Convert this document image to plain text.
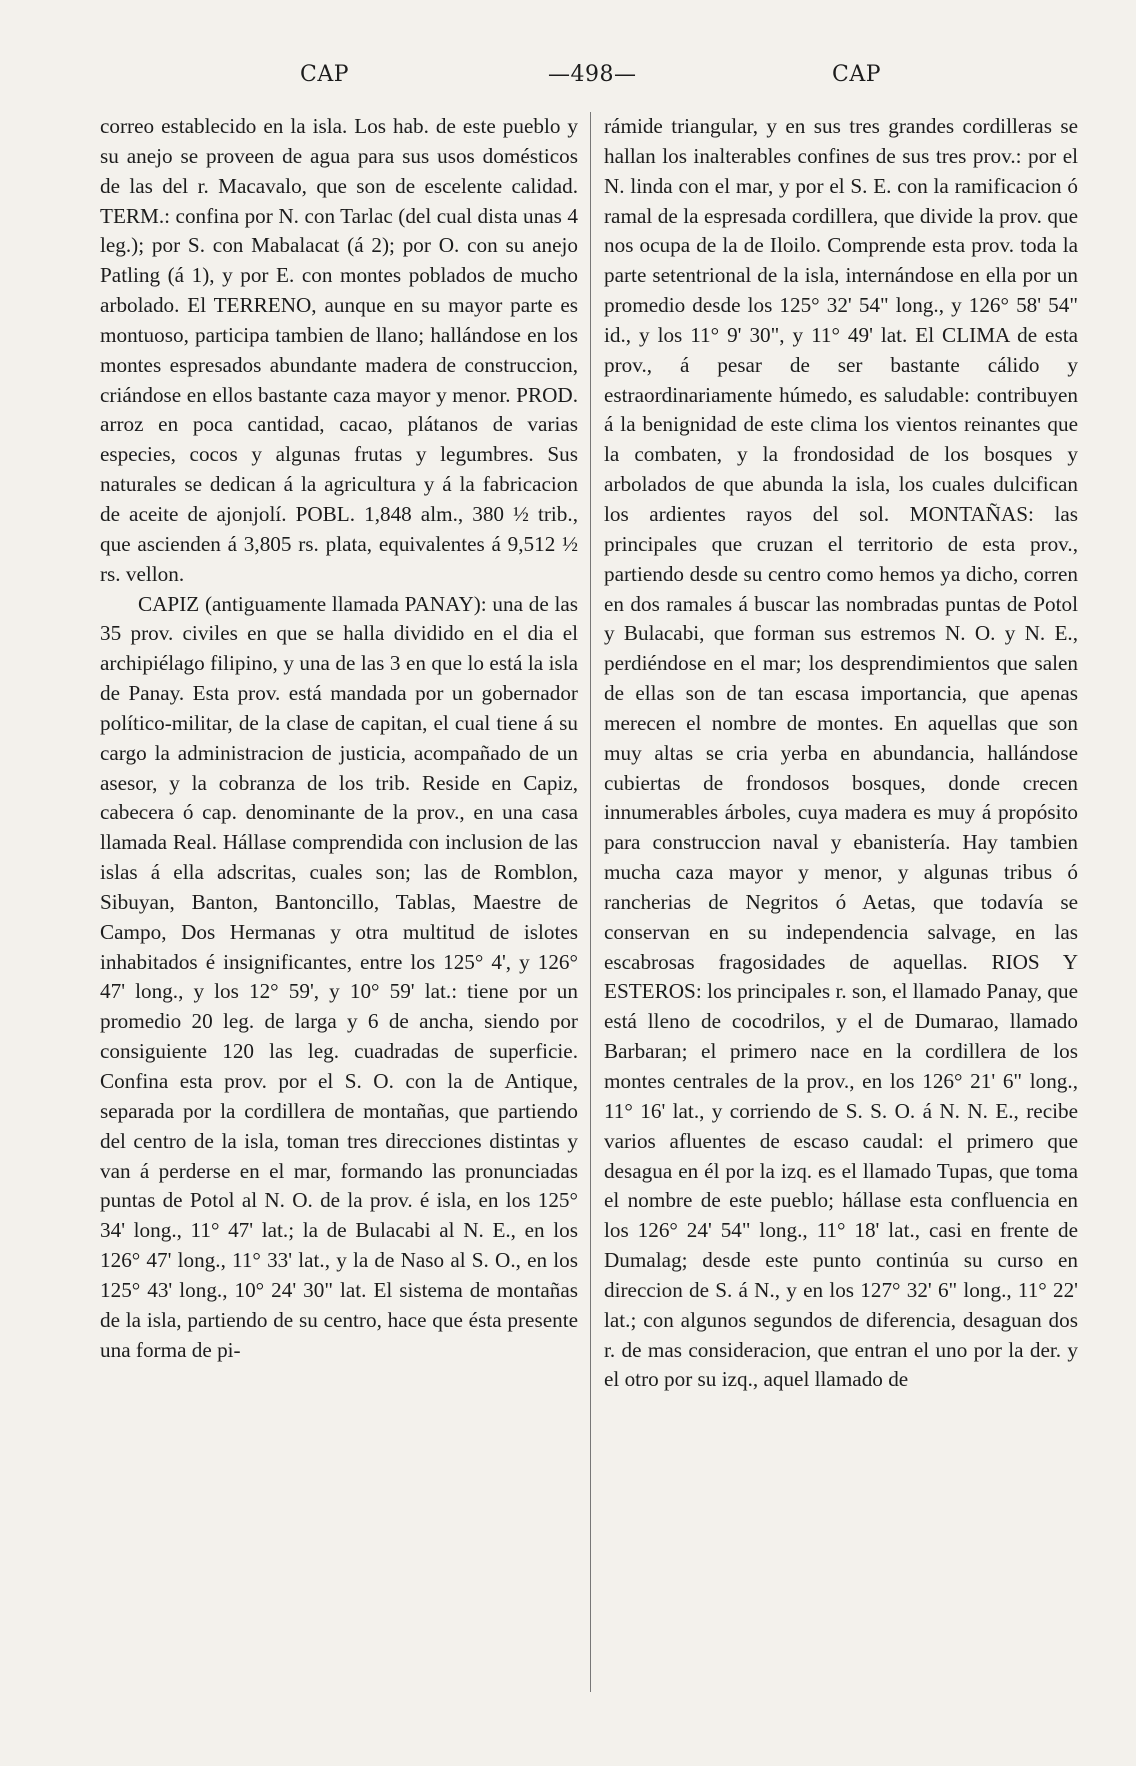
CAP	—498—	CAP

correo establecido en la isla. Los hab. de este pueblo y su anejo se proveen de agua para sus usos domésticos de las del r. Macavalo, que son de escelente calidad. TERM.: confina por N. con Tarlac (del cual dista unas 4 leg.); por S. con Mabalacat (á 2); por O. con su anejo Patling (á 1), y por E. con montes poblados de mucho arbolado. El TERRENO, aunque en su mayor parte es montuoso, participa tambien de llano; hallándose en los montes espresados abundante madera de construccion, criándose en ellos bastante caza mayor y menor. PROD. arroz en poca cantidad, cacao, plátanos de varias especies, cocos y algunas frutas y legumbres. Sus naturales se dedican á la agricultura y á la fabricacion de aceite de ajonjolí. POBL. 1,848 alm., 380 ½ trib., que ascienden á 3,805 rs. plata, equivalentes á 9,512 ½ rs. vellon.

CAPIZ (antiguamente llamada PANAY): una de las 35 prov. civiles en que se halla dividido en el dia el archipiélago filipino, y una de las 3 en que lo está la isla de Panay. Esta prov. está mandada por un gobernador político-militar, de la clase de capitan, el cual tiene á su cargo la administracion de justicia, acompañado de un asesor, y la cobranza de los trib. Reside en Capiz, cabecera ó cap. denominante de la prov., en una casa llamada Real. Hállase comprendida con inclusion de las islas á ella adscritas, cuales son; las de Romblon, Sibuyan, Banton, Bantoncillo, Tablas, Maestre de Campo, Dos Hermanas y otra multitud de islotes inhabitados é insignificantes, entre los 125° 4', y 126° 47' long., y los 12° 59', y 10° 59' lat.: tiene por un promedio 20 leg. de larga y 6 de ancha, siendo por consiguiente 120 las leg. cuadradas de superficie. Confina esta prov. por el S. O. con la de Antique, separada por la cordillera de montañas, que partiendo del centro de la isla, toman tres direcciones distintas y van á perderse en el mar, formando las pronunciadas puntas de Potol al N. O. de la prov. é isla, en los 125° 34' long., 11° 47' lat.; la de Bulacabi al N. E., en los 126° 47' long., 11° 33' lat., y la de Naso al S. O., en los 125° 43' long., 10° 24' 30" lat. El sistema de montañas de la isla, partiendo de su centro, hace que ésta presente una forma de pi-

rámide triangular, y en sus tres grandes cordilleras se hallan los inalterables confines de sus tres prov.: por el N. linda con el mar, y por el S. E. con la ramificacion ó ramal de la espresada cordillera, que divide la prov. que nos ocupa de la de Iloilo. Comprende esta prov. toda la parte setentrional de la isla, internándose en ella por un promedio desde los 125° 32' 54" long., y 126° 58' 54" id., y los 11° 9' 30", y 11° 49' lat. El CLIMA de esta prov., á pesar de ser bastante cálido y estraordinariamente húmedo, es saludable: contribuyen á la benignidad de este clima los vientos reinantes que la combaten, y la frondosidad de los bosques y arbolados de que abunda la isla, los cuales dulcifican los ardientes rayos del sol. MONTAÑAS: las principales que cruzan el territorio de esta prov., partiendo desde su centro como hemos ya dicho, corren en dos ramales á buscar las nombradas puntas de Potol y Bulacabi, que forman sus estremos N. O. y N. E., perdiéndose en el mar; los desprendimientos que salen de ellas son de tan escasa importancia, que apenas merecen el nombre de montes. En aquellas que son muy altas se cria yerba en abundancia, hallándose cubiertas de frondosos bosques, donde crecen innumerables árboles, cuya madera es muy á propósito para construccion naval y ebanistería. Hay tambien mucha caza mayor y menor, y algunas tribus ó rancherias de Negritos ó Aetas, que todavía se conservan en su independencia salvage, en las escabrosas fragosidades de aquellas. RIOS Y ESTEROS: los principales r. son, el llamado Panay, que está lleno de cocodrilos, y el de Dumarao, llamado Barbaran; el primero nace en la cordillera de los montes centrales de la prov., en los 126° 21' 6" long., 11° 16' lat., y corriendo de S. S. O. á N. N. E., recibe varios afluentes de escaso caudal: el primero que desagua en él por la izq. es el llamado Tupas, que toma el nombre de este pueblo; hállase esta confluencia en los 126° 24' 54" long., 11° 18' lat., casi en frente de Dumalag; desde este punto continúa su curso en direccion de S. á N., y en los 127° 32' 6" long., 11° 22' lat.; con algunos segundos de diferencia, desaguan dos r. de mas consideracion, que entran el uno por la der. y el otro por su izq., aquel llamado de
